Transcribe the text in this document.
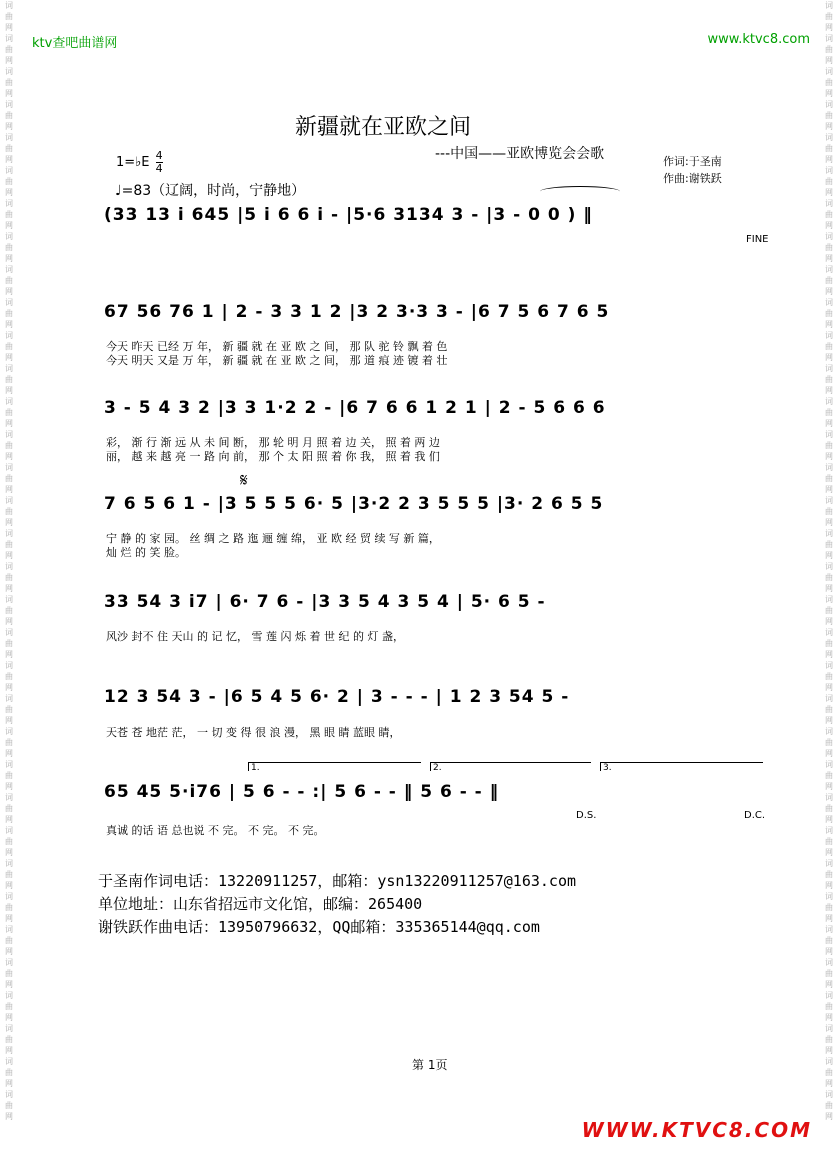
词
曲
网
词
曲
网
词
曲
网
词
曲
网
词
曲
网
词
曲
网
词
曲
网
词
曲
网
词
曲
网
词
曲
网
词
曲
网
词
曲
网
词
曲
网
词
曲
网
词
曲
网
词
曲
网
词
曲
网
词
曲
网
词
曲
网
词
曲
网
词
曲
网
词
曲
网
词
曲
网
词
曲
网
词
曲
网
词
曲
网
词
曲
网
词
曲
网
词
曲
网
词
曲
网
词
曲
网
词
曲
网
词
曲
网
词
曲
网
词
曲
网
词
曲
网
词
曲
网
词
曲
网
词
曲
网
词
曲
网
词
曲
网
词
曲
网
词
曲
网
词
曲
网
词
曲
网
词
曲
网
词
曲
网
词
曲
网
词
曲
网
词
曲
网
词
曲
网
词
曲
网
词
曲
网
词
曲
网
词
曲
网
词
曲
网
词
曲
网
词
曲
网
词
曲
网
词
曲
网
词
曲
网
词
曲
网
词
曲
网
词
曲
网
词
曲
网
词
曲
网
词
曲
网
词
曲
网
ktv查吧曲谱网	www.ktvc8.com
新疆就在亚欧之间
---中国——亚欧博览会会歌	作词:于圣南
作曲:谢铁跃
1=♭E $\frac{4}{4}$
♩=83（辽阔，时尚，宁静地）
(33 13 i 645 |5 i 6 6 i - |5·6 3134 3 - |3 - 0 0 ) ‖
FINE
67 56 76 1 | 2 - 3 3 1 2 |3 2 3·3 3 - |6 7 5 6 7 6 5
今天 昨天 已经 万 年， 新 疆 就 在 亚 欧 之 间， 那 队 驼 铃 飘 着 色
今天 明天 又是 万 年， 新 疆 就 在 亚 欧 之 间， 那 道 痕 迹 镀 着 壮
3 - 5 4 3 2 |3 3 1·2 2 - |6 7 6 6 1 2 1 | 2 - 5 6 6 6
彩， 渐 行 渐 远 从 未 间 断， 那 轮 明 月 照 着 边 关， 照 着 两 边
丽， 越 来 越 亮 一 路 向 前， 那 个 太 阳 照 着 你 我， 照 着 我 们
𝄋
7 6 5 6 1 - |3 5 5 5 6· 5 |3·2 2 3 5 5 5 |3· 2 6 5 5
宁 静 的 家 园。 丝 绸 之 路 迤 逦 缠 绵， 亚 欧 经 贸 续 写 新 篇，
灿 烂 的 笑 脸。
33 54 3 i7 | 6· 7 6 - |3 3 5 4 3 5 4 | 5· 6 5 -
风沙 封不 住 天山 的 记 忆， 雪 莲 闪 烁 着 世 纪 的 灯 盏，
12 3 54 3 - |6 5 4 5 6· 2 | 3 - - - | 1 2 3 54 5 -
天苍 苍 地茫 茫， 一 切 变 得 很 浪 漫， 黑 眼 睛 蓝眼 睛，
1.	2.	3.
65 45 5·i76 | 5 6 - - :| 5 6 - - ‖ 5 6 - - ‖
D.S.	D.C.
真诚 的话 语 总也说 不 完。 不 完。 不 完。
于圣南作词电话：13220911257，邮箱：ysn13220911257@163.com
单位地址：山东省招远市文化馆，邮编：265400
谢铁跃作曲电话：13950796632，QQ邮箱：335365144@qq.com
第 1页
WWW.KTVC8.COM
